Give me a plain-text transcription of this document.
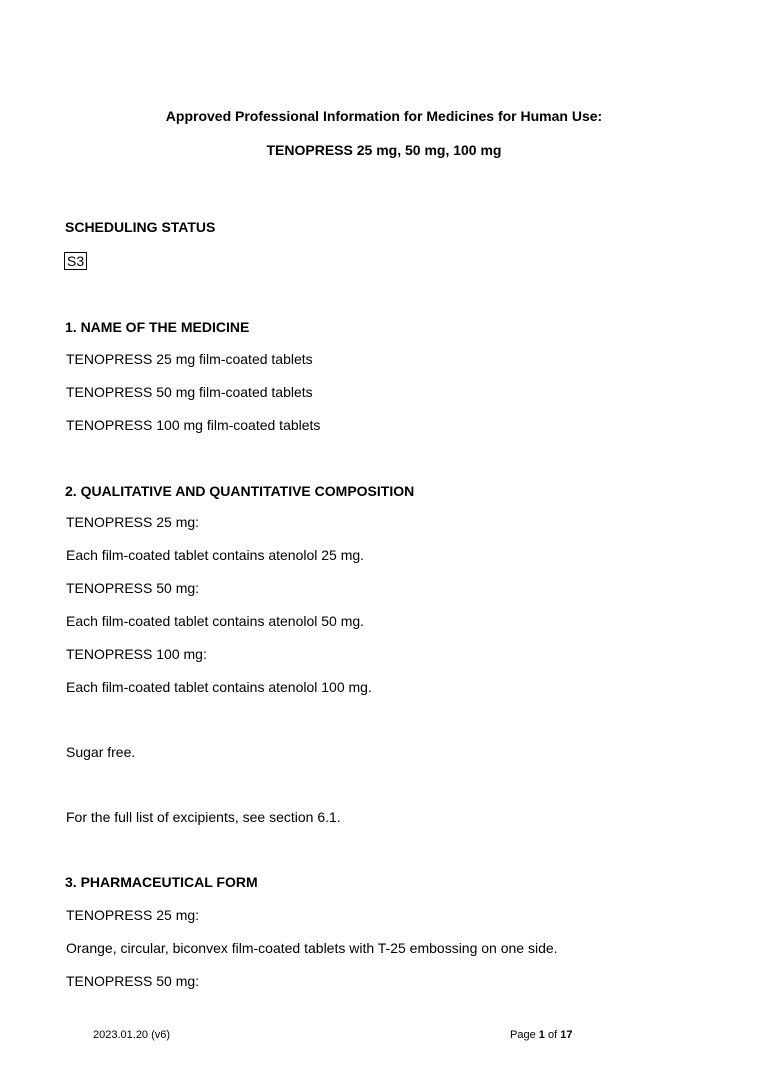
Approved Professional Information for Medicines for Human Use:
TENOPRESS 25 mg, 50 mg, 100 mg
SCHEDULING STATUS
S3
1. NAME OF THE MEDICINE
TENOPRESS 25 mg film-coated tablets
TENOPRESS 50 mg film-coated tablets
TENOPRESS 100 mg film-coated tablets
2. QUALITATIVE AND QUANTITATIVE COMPOSITION
TENOPRESS 25 mg:
Each film-coated tablet contains atenolol 25 mg.
TENOPRESS 50 mg:
Each film-coated tablet contains atenolol 50 mg.
TENOPRESS 100 mg:
Each film-coated tablet contains atenolol 100 mg.
Sugar free.
For the full list of excipients, see section 6.1.
3. PHARMACEUTICAL FORM
TENOPRESS 25 mg:
Orange, circular, biconvex film-coated tablets with T-25 embossing on one side.
TENOPRESS 50 mg:
2023.01.20 (v6)	Page 1 of 17
